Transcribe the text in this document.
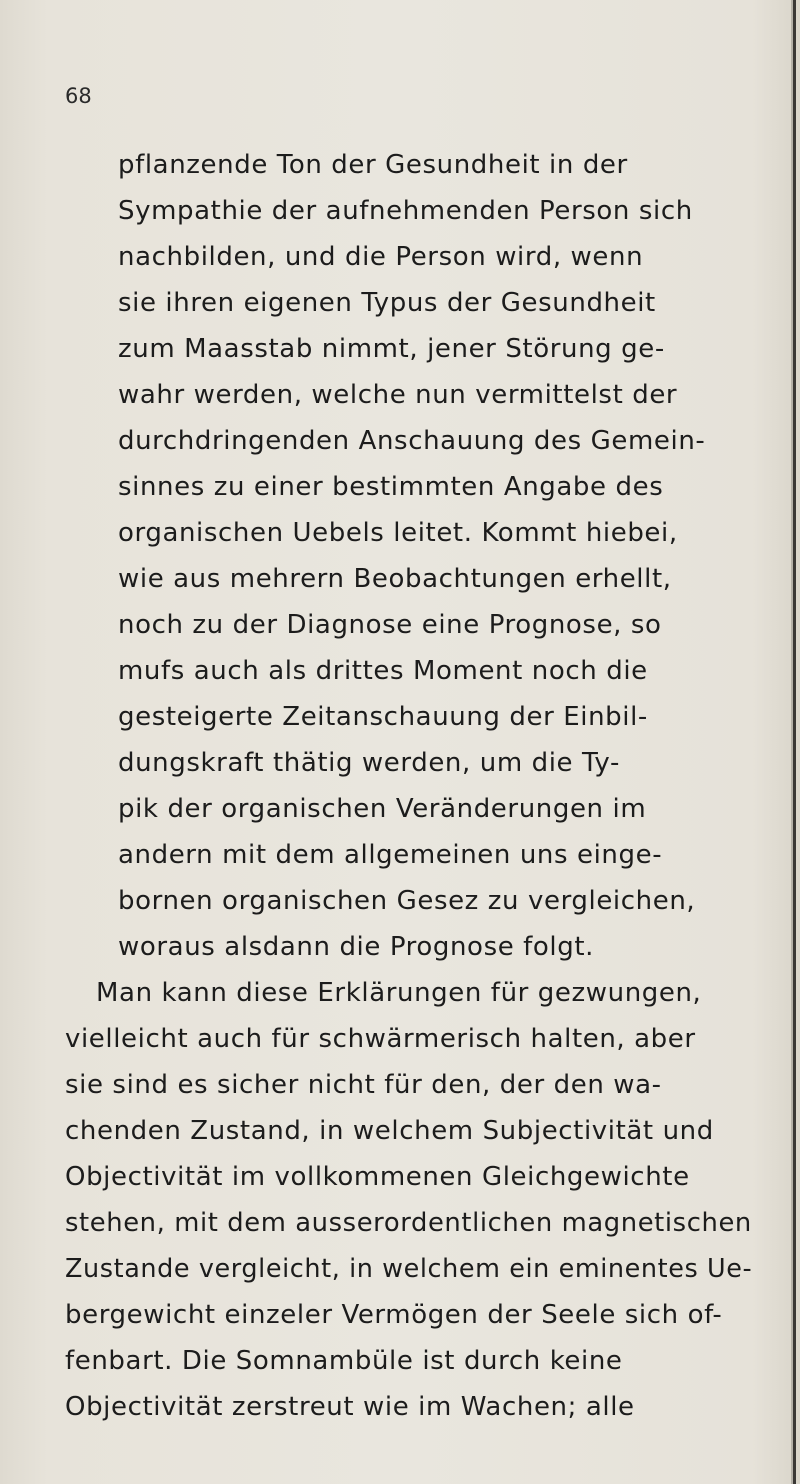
68
pflanzende Ton der Gesundheit in der
Sympathie der aufnehmenden Person sich
nachbilden, und die Person wird, wenn
sie ihren eigenen Typus der Gesundheit
zum Maasstab nimmt, jener Störung ge-
wahr werden, welche nun vermittelst der
durchdringenden Anschauung des Gemein-
sinnes zu einer bestimmten Angabe des
organischen Uebels leitet. Kommt hiebei,
wie aus mehrern Beobachtungen erhellt,
noch zu der Diagnose eine Prognose, so
mufs auch als drittes Moment noch die
gesteigerte Zeitanschauung der Einbil-
dungskraft thätig werden, um die Ty-
pik der organischen Veränderungen im
andern mit dem allgemeinen uns einge-
bornen organischen Gesez zu vergleichen,
woraus alsdann die Prognose folgt.
Man kann diese Erklärungen für gezwungen,
vielleicht auch für schwärmerisch halten, aber
sie sind es sicher nicht für den, der den wa-
chenden Zustand, in welchem Subjectivität und
Objectivität im vollkommenen Gleichgewichte
stehen, mit dem ausserordentlichen magnetischen
Zustande vergleicht, in welchem ein eminentes Ue-
bergewicht einzeler Vermögen der Seele sich of-
fenbart. Die Somnambüle ist durch keine
Objectivität zerstreut wie im Wachen; alle
